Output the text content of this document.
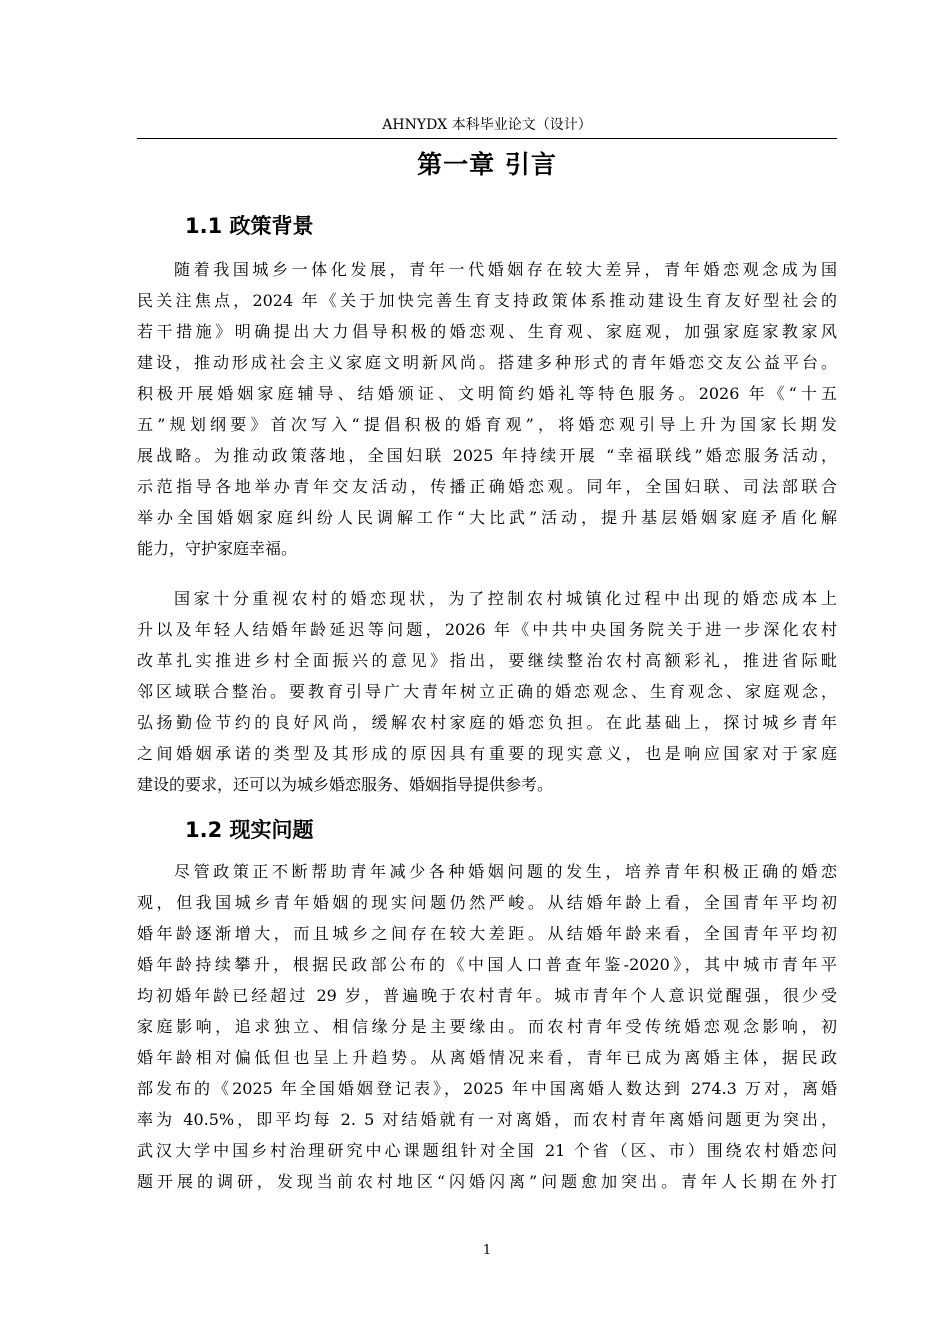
AHNYDX 本科毕业论文（设计）
第一章 引言
1.1 政策背景
随着我国城乡一体化发展，青年一代婚姻存在较大差异，青年婚恋观念成为国
民关注焦点，2024 年《关于加快完善生育支持政策体系推动建设生育友好型社会的
若干措施》明确提出大力倡导积极的婚恋观、生育观、家庭观，加强家庭家教家风
建设，推动形成社会主义家庭文明新风尚。搭建多种形式的青年婚恋交友公益平台。
积极开展婚姻家庭辅导、结婚颁证、文明简约婚礼等特色服务。2026 年《“十五
五”规划纲要》首次写入“提倡积极的婚育观”，将婚恋观引导上升为国家长期发
展战略。为推动政策落地，全国妇联 2025 年持续开展 “幸福联线”婚恋服务活动，
示范指导各地举办青年交友活动，传播正确婚恋观。同年，全国妇联、司法部联合
举办全国婚姻家庭纠纷人民调解工作“大比武”活动，提升基层婚姻家庭矛盾化解
能力，守护家庭幸福。
国家十分重视农村的婚恋现状，为了控制农村城镇化过程中出现的婚恋成本上
升以及年轻人结婚年龄延迟等问题，2026 年《中共中央国务院关于进一步深化农村
改革扎实推进乡村全面振兴的意见》指出，要继续整治农村高额彩礼，推进省际毗
邻区域联合整治。要教育引导广大青年树立正确的婚恋观念、生育观念、家庭观念，
弘扬勤俭节约的良好风尚，缓解农村家庭的婚恋负担。在此基础上，探讨城乡青年
之间婚姻承诺的类型及其形成的原因具有重要的现实意义，也是响应国家对于家庭
建设的要求，还可以为城乡婚恋服务、婚姻指导提供参考。
1.2 现实问题
尽管政策正不断帮助青年减少各种婚姻问题的发生，培养青年积极正确的婚恋
观，但我国城乡青年婚姻的现实问题仍然严峻。从结婚年龄上看，全国青年平均初
婚年龄逐渐增大，而且城乡之间存在较大差距。从结婚年龄来看，全国青年平均初
婚年龄持续攀升，根据民政部公布的《中国人口普查年鉴-2020》，其中城市青年平
均初婚年龄已经超过 29 岁，普遍晚于农村青年。城市青年个人意识觉醒强，很少受
家庭影响，追求独立、相信缘分是主要缘由。而农村青年受传统婚恋观念影响，初
婚年龄相对偏低但也呈上升趋势。从离婚情况来看，青年已成为离婚主体，据民政
部发布的《2025 年全国婚姻登记表》，2025 年中国离婚人数达到 274.3 万对，离婚
率为 40.5%，即平均每 2. 5 对结婚就有一对离婚，而农村青年离婚问题更为突出，
武汉大学中国乡村治理研究中心课题组针对全国 21 个省（区、市）围绕农村婚恋问
题开展的调研，发现当前农村地区“闪婚闪离”问题愈加突出。青年人长期在外打
1
